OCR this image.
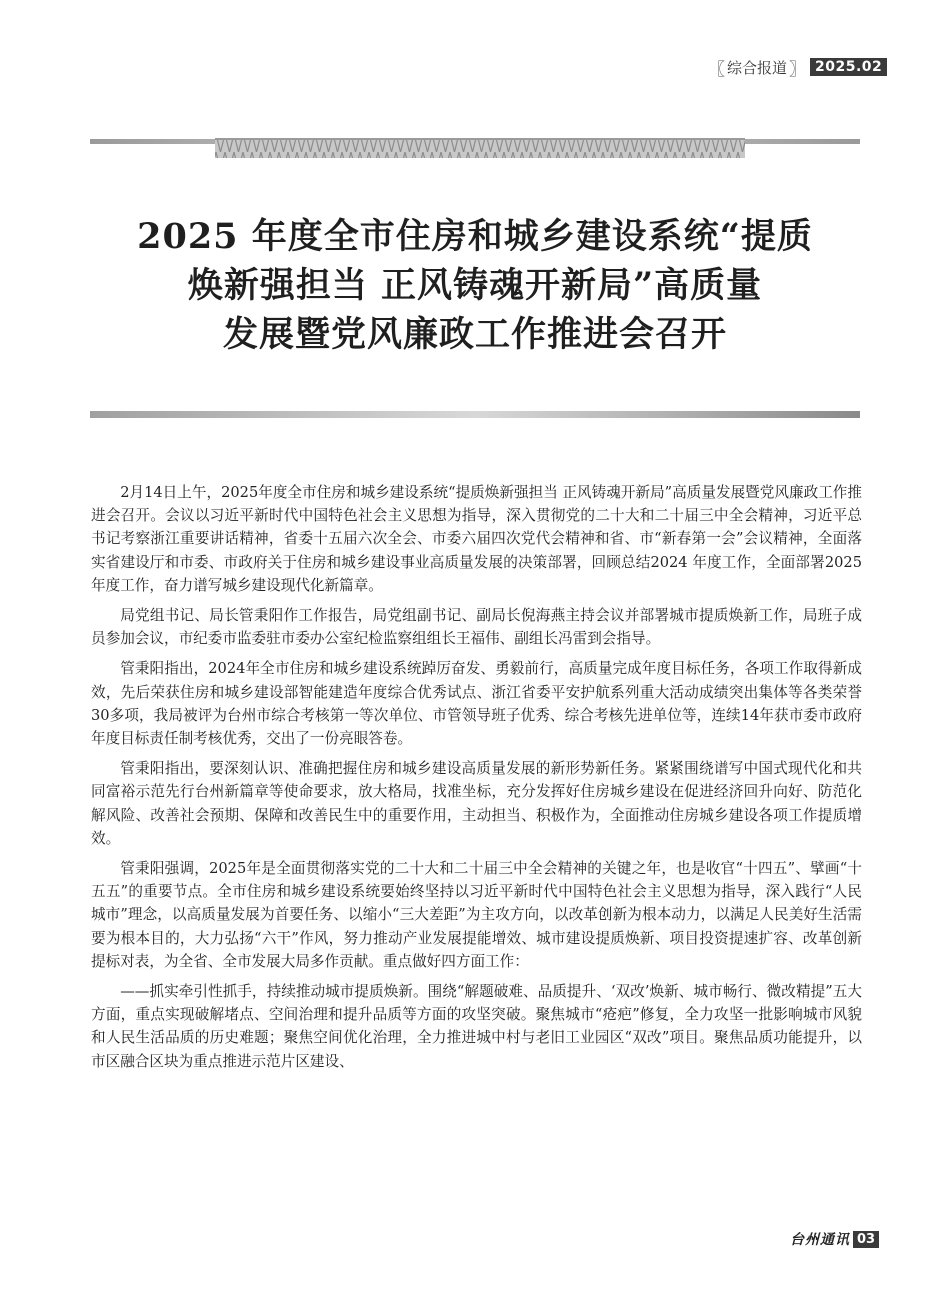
〖 综合报道 〗 2025.02
2025 年度全市住房和城乡建设系统“提质
焕新强担当 正风铸魂开新局”高质量
发展暨党风廉政工作推进会召开

2月14日上午，2025年度全市住房和城乡建设系统“提质焕新强担当 正风铸魂开新局”高质量发展暨党风廉政工作推进会召开。会议以习近平新时代中国特色社会主义思想为指导，深入贯彻党的二十大和二十届三中全会精神，习近平总书记考察浙江重要讲话精神，省委十五届六次全会、市委六届四次党代会精神和省、市“新春第一会”会议精神，全面落实省建设厅和市委、市政府关于住房和城乡建设事业高质量发展的决策部署，回顾总结2024 年度工作，全面部署2025 年度工作，奋力谱写城乡建设现代化新篇章。

局党组书记、局长管秉阳作工作报告，局党组副书记、副局长倪海燕主持会议并部署城市提质焕新工作，局班子成员参加会议，市纪委市监委驻市委办公室纪检监察组组长王福伟、副组长冯雷到会指导。

管秉阳指出，2024年全市住房和城乡建设系统踔厉奋发、勇毅前行，高质量完成年度目标任务，各项工作取得新成效，先后荣获住房和城乡建设部智能建造年度综合优秀试点、浙江省委平安护航系列重大活动成绩突出集体等各类荣誉30多项，我局被评为台州市综合考核第一等次单位、市管领导班子优秀、综合考核先进单位等，连续14年获市委市政府年度目标责任制考核优秀，交出了一份亮眼答卷。

管秉阳指出，要深刻认识、准确把握住房和城乡建设高质量发展的新形势新任务。紧紧围绕谱写中国式现代化和共同富裕示范先行台州新篇章等使命要求，放大格局，找准坐标，充分发挥好住房城乡建设在促进经济回升向好、防范化解风险、改善社会预期、保障和改善民生中的重要作用，主动担当、积极作为，全面推动住房城乡建设各项工作提质增效。

管秉阳强调，2025年是全面贯彻落实党的二十大和二十届三中全会精神的关键之年，也是收官“十四五”、擘画“十五五”的重要节点。全市住房和城乡建设系统要始终坚持以习近平新时代中国特色社会主义思想为指导，深入践行“人民城市”理念，以高质量发展为首要任务、以缩小“三大差距”为主攻方向，以改革创新为根本动力，以满足人民美好生活需要为根本目的，大力弘扬“六干”作风，努力推动产业发展提能增效、城市建设提质焕新、项目投资提速扩容、改革创新提标对表，为全省、全市发展大局多作贡献。重点做好四方面工作：

——抓实牵引性抓手，持续推动城市提质焕新。围绕“解题破难、品质提升、‘双改’焕新、城市畅行、微改精提”五大方面，重点实现破解堵点、空间治理和提升品质等方面的攻坚突破。聚焦城市“疮疤”修复，全力攻坚一批影响城市风貌和人民生活品质的历史难题；聚焦空间优化治理，全力推进城中村与老旧工业园区“双改”项目。聚焦品质功能提升，以市区融合区块为重点推进示范片区建设、

台州通讯 03
